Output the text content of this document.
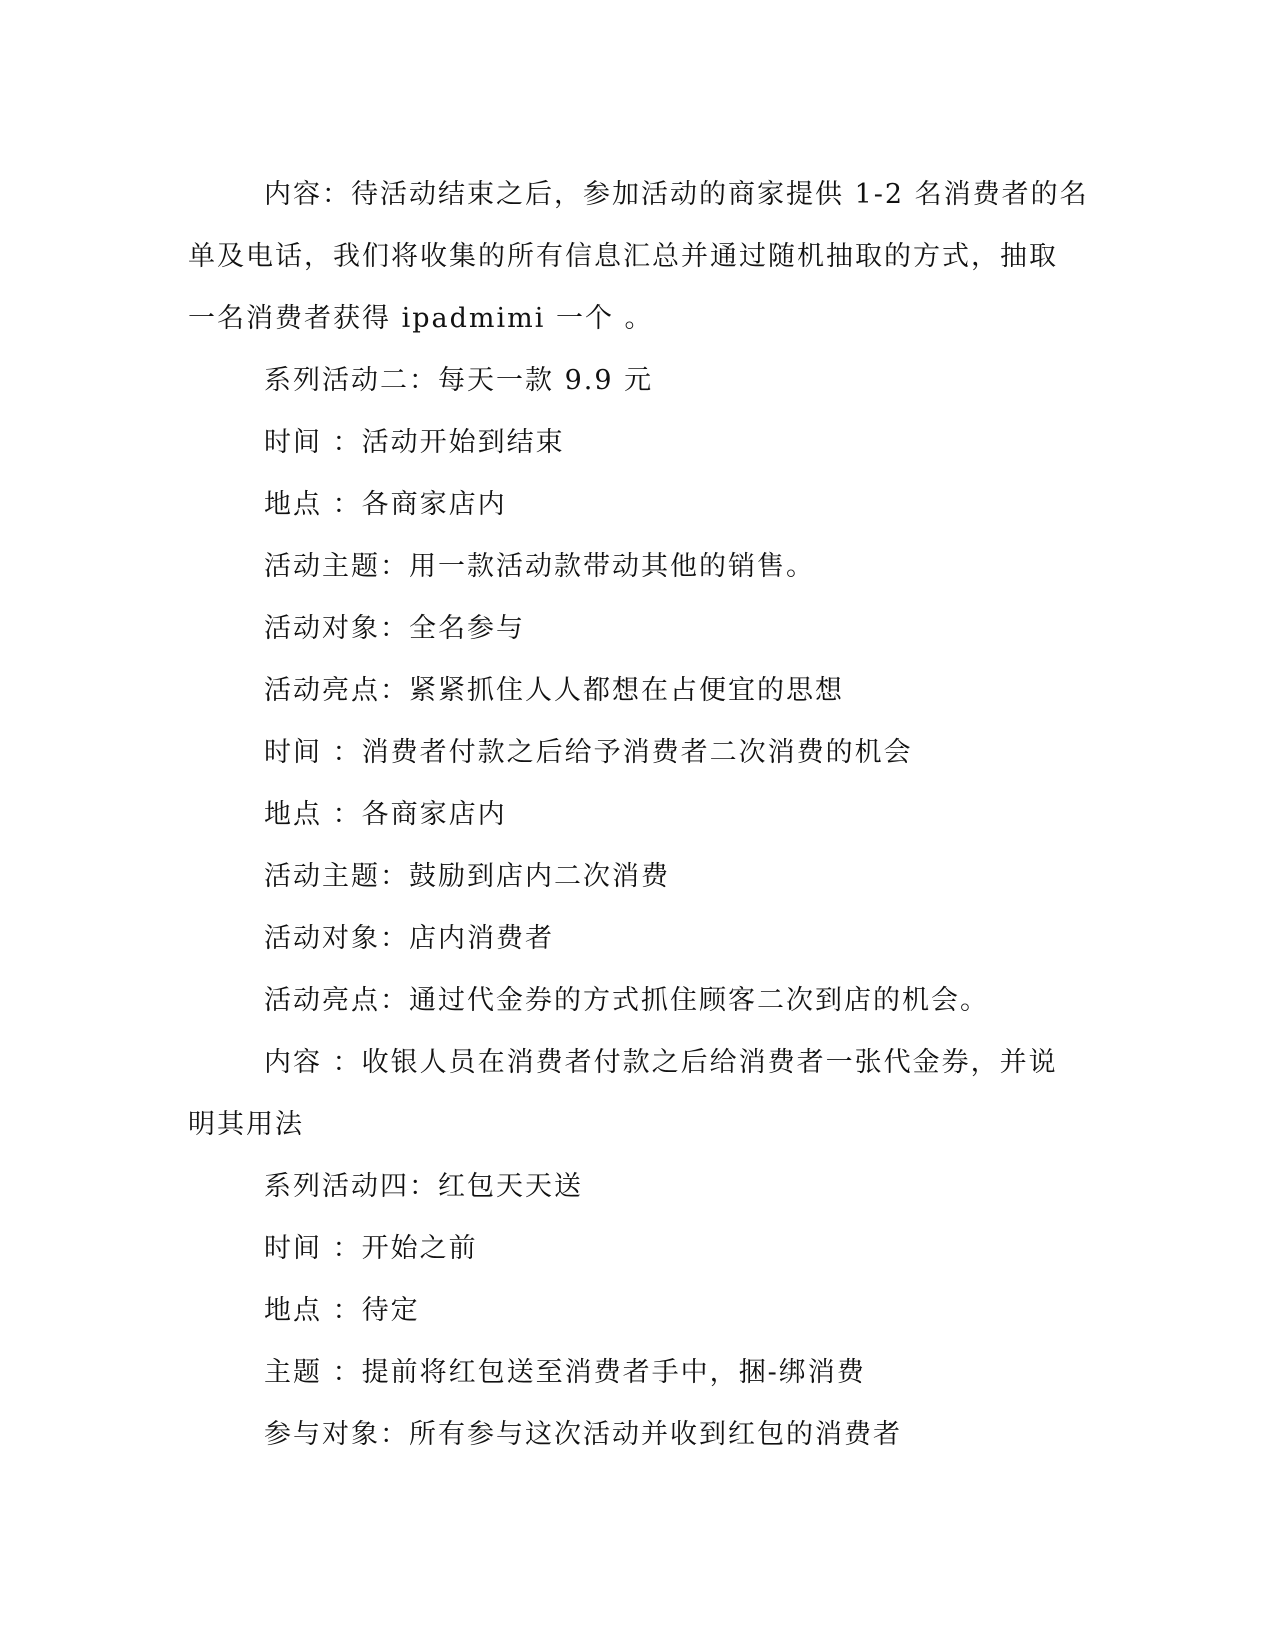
内容：待活动结束之后，参加活动的商家提供 1-2 名消费者的名
单及电话，我们将收集的所有信息汇总并通过随机抽取的方式，抽取
一名消费者获得 ipadmimi 一个 。
系列活动二：每天一款 9.9 元
时间 ：活动开始到结束
地点 ：各商家店内
活动主题：用一款活动款带动其他的销售。
活动对象：全名参与
活动亮点：紧紧抓住人人都想在占便宜的思想
时间 ：消费者付款之后给予消费者二次消费的机会
地点 ：各商家店内
活动主题：鼓励到店内二次消费
活动对象：店内消费者
活动亮点：通过代金券的方式抓住顾客二次到店的机会。
内容 ：收银人员在消费者付款之后给消费者一张代金券，并说
明其用法
系列活动四：红包天天送
时间 ：开始之前
地点 ：待定
主题 ：提前将红包送至消费者手中，捆-绑消费
参与对象：所有参与这次活动并收到红包的消费者
